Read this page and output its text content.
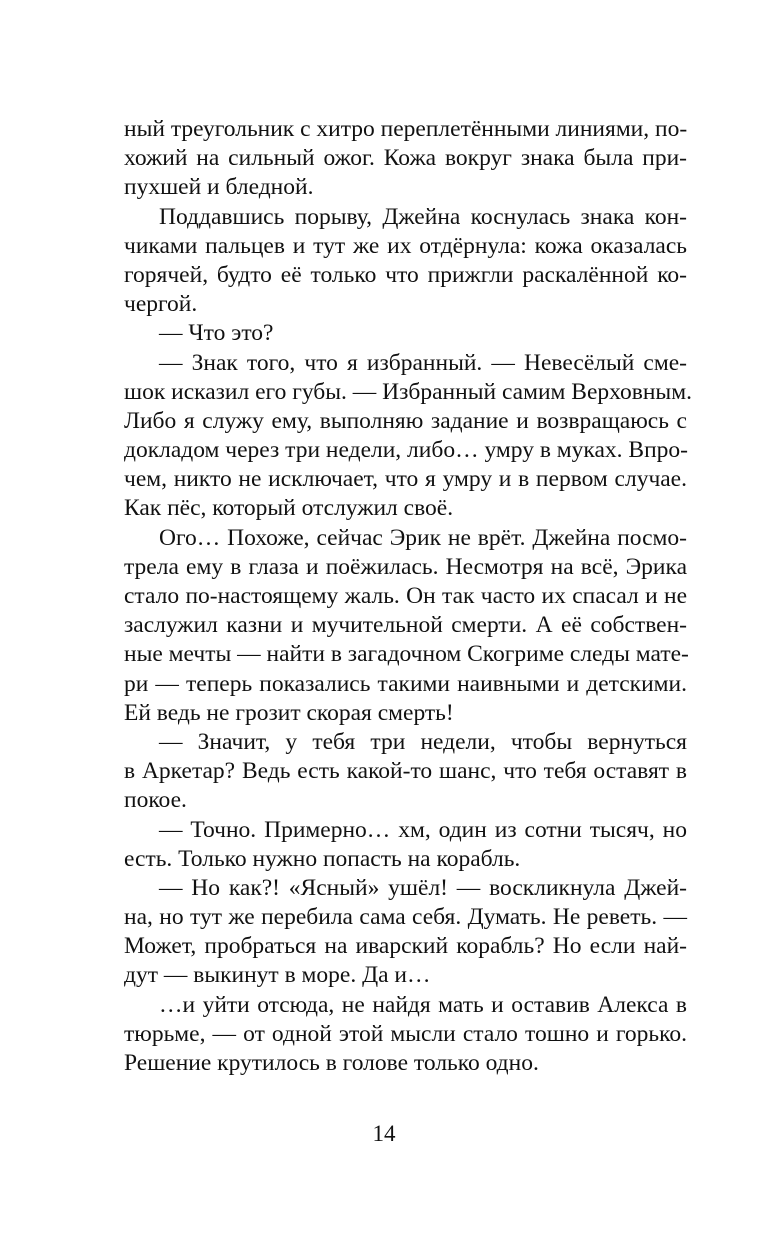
ный треугольник с хитро переплетёнными линиями, по-
хожий на сильный ожог. Кожа вокруг знака была при-
пухшей и бледной.
Поддавшись порыву, Джейна коснулась знака кон-
чиками пальцев и тут же их отдёрнула: кожа оказалась
горячей, будто её только что прижгли раскалённой ко-
чергой.
— Что это?
— Знак того, что я избранный. — Невесёлый сме-
шок исказил его губы. — Избранный самим Верховным.
Либо я служу ему, выполняю задание и возвращаюсь с
докладом через три недели, либо… умру в муках. Впро-
чем, никто не исключает, что я умру и в первом случае.
Как пёс, который отслужил своё.
Ого… Похоже, сейчас Эрик не врёт. Джейна посмо-
трела ему в глаза и поёжилась. Несмотря на всё, Эрика
стало по-настоящему жаль. Он так часто их спасал и не
заслужил казни и мучительной смерти. А её собствен-
ные мечты — найти в загадочном Скогриме следы мате-
ри — теперь показались такими наивными и детскими.
Ей ведь не грозит скорая смерть!
— Значит, у тебя три недели, чтобы вернуться
в Аркетар? Ведь есть какой-то шанс, что тебя оставят в
покое.
— Точно. Примерно… хм, один из сотни тысяч, но
есть. Только нужно попасть на корабль.
— Но как?! «Ясный» ушёл! — воскликнула Джей-
на, но тут же перебила сама себя. Думать. Не реветь. —
Может, пробраться на иварский корабль? Но если най-
дут — выкинут в море. Да и…
…и уйти отсюда, не найдя мать и оставив Алекса в
тюрьме, — от одной этой мысли стало тошно и горько.
Решение крутилось в голове только одно.
14
